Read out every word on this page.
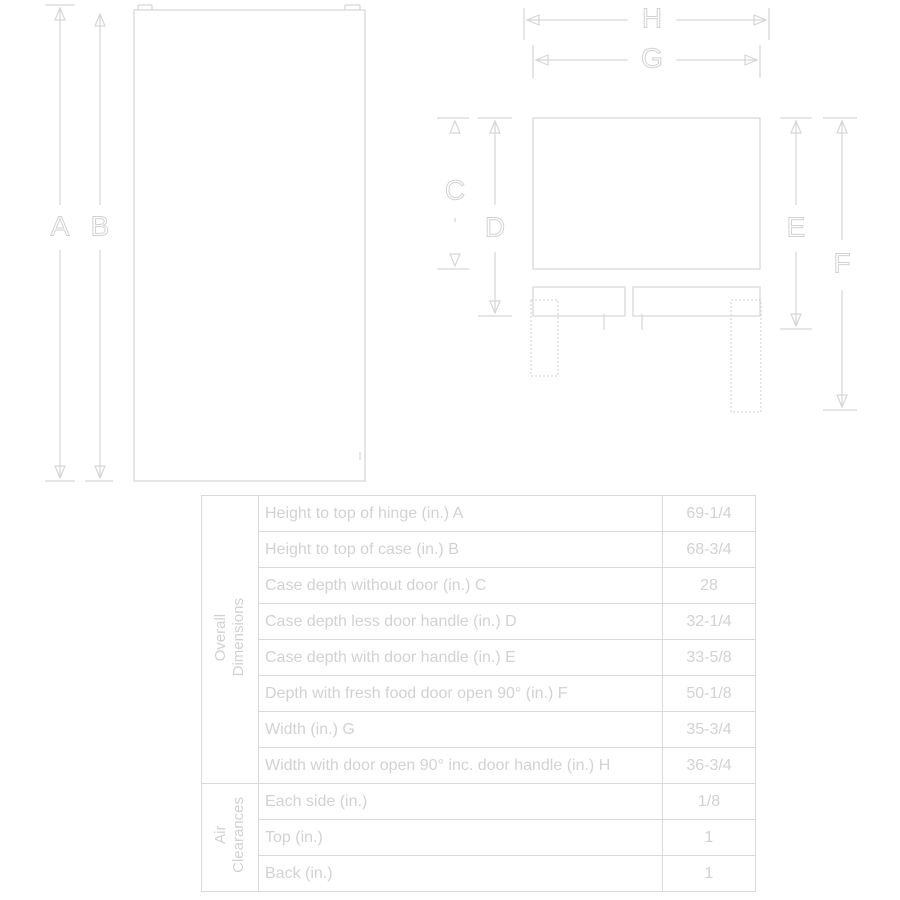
A B
H
G
C
D	E
F
Overall
Dimensions	Height to top of hinge (in.) A	69-1/4
	Height to top of case (in.) B	68-3/4
	Case depth without door (in.) C	28
	Case depth less door handle (in.) D	32-1/4
	Case depth with door handle (in.) E	33-5/8
	Depth with fresh food door open 90° (in.) F	50-1/8
	Width (in.) G	35-3/4
	Width with door open 90° inc. door handle (in.) H	36-3/4
Air
Clearances	Each side (in.)	1/8
	Top (in.)	1
	Back (in.)	1
